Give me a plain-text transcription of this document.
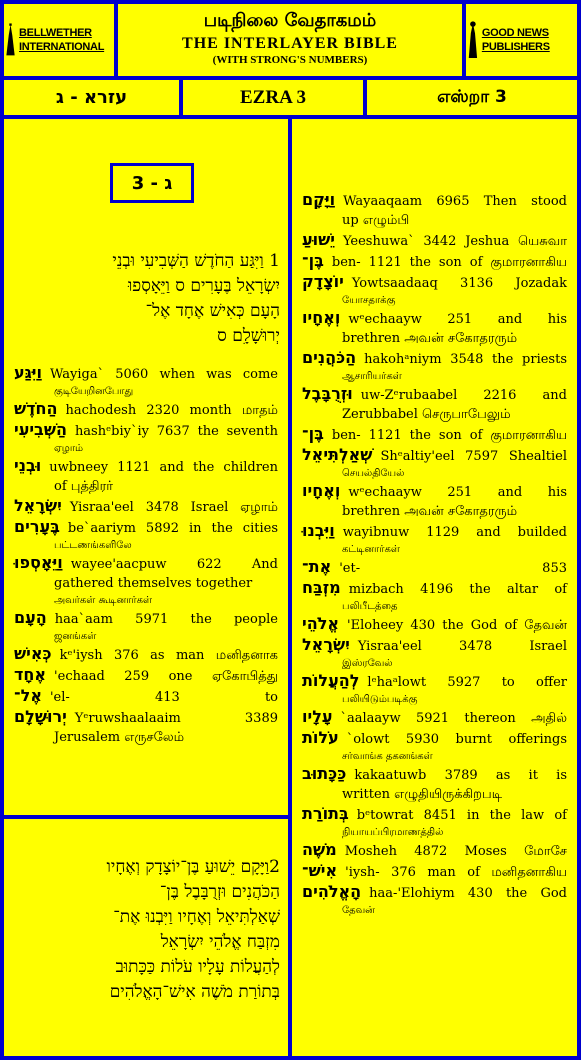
BELLWETHER INTERNATIONAL
படிநிலை வேதாகமம்
THE INTERLAYER BIBLE
(WITH STRONG'S NUMBERS)
GOOD NEWS PUBLISHERS
עזרא - ג	EZRA 3	எஸ்றா 3
ג - 3
1 וַיִּגַּע הַחֹדֶשׁ הַשְּׁבִיעִי וּבְנֵי
יִשְׂרָאֵל בֶּעָרִים ס וַיֵּאָסְפוּ
הָעָם כְּאִישׁ אֶחָד אֶל־
יְרוּשָׁלִָם ס
וַיִּגַּע Wayiga` 5060 when was come
குடியேறினபோது
הַחֹדֶשׁ hachodesh 2320 month மாதம்
הַשְּׁבִיעִי hashᵉbiy`iy 7637 the seventh
ஏழாம்
וּבְנֵי uwbneey 1121 and the children
of புத்திரர்
יִשְׂרָאֵל Yisraa'eel 3478 Israel ஏழாம்
בֶּעָרִים be`aariym 5892 in the cities
பட்டணங்களிலே
וַיֵּאָסְפוּ wayee'aacpuw 622 And
gathered themselves together
அவர்கள் கூடினார்கள்
הָעָם haa`aam 5971 the people
ஜனங்கள்
כְּאִישׁ kᵉ'iysh 376 as man மனிதனாக
אֶחָד 'echaad 259 one ஏகோபித்து
אֶל־ 'el- 413 to
יְרוּשָׁלִָם Yᵉruwshaalaaim 3389
Jerusalem எருசலேம்
2וַיָּקָם יֵשׁוּעַ בֶּן־יוֹצָדָק וְאֶחָיו
הַכֹּהֲנִים וּזְרֻבָּבֶל בֶּן־
שְׁאַלְתִּיאֵל וְאֶחָיו וַיִּבְנוּ אֶת־
מִזְבַּח אֱלֹהֵי יִשְׂרָאֵל
לְהַעֲלוֹת עָלָיו עֹלוֹת כַּכָּתוּב
בְּתוֹרַת מֹשֶׁה אִישׁ־הָאֱלֹהִים
וַיָּקָם Wayaaqaam 6965 Then stood
up எழும்பி
יֵשׁוּעַ Yeeshuwa` 3442 Jeshua யெசுவா
בֶּן־ ben- 1121 the son of குமாரனாகிய
יוֹצָדָק Yowtsaadaaq 3136 Jozadak
யோசதாக்கு
וְאֶחָיו wᵉechaayw 251 and his
brethren அவன் சகோதரரும்
הַכֹּהֲנִים hakohᵃniym 3548 the priests
ஆசாரியர்கள்
וּזְרֻבָּבֶל uw-Zᵉrubaabel 2216 and
Zerubbabel செருபாபேலும்
בֶּן־ ben- 1121 the son of குமாரனாகிய
שְׁאַלְתִּיאֵל Shᵉaltiy'eel 7597 Shealtiel
செயல்தியேல்
וְאֶחָיו wᵉechaayw 251 and his
brethren அவன் சகோதரரும்
וַיִּבְנוּ wayibnuw 1129 and builded
கட்டினார்கள்
אֶת־ 'et- 853
מִזְבַּח mizbach 4196 the altar of
பலிபீடத்தை
אֱלֹהֵי 'Eloheey 430 the God of தேவன்
יִשְׂרָאֵל Yisraa'eel 3478 Israel
இஸ்ரவேல்
לְהַעֲלוֹת lᵉhaᵃlowt 5927 to offer
பலியிடும்படிக்கு
עָלָיו `aalaayw 5921 thereon அதில்
עֹלוֹת `olowt 5930 burnt offerings
சர்வாங்க தகனங்கள்
כַּכָּתוּב kakaatuwb 3789 as it is
written எழுதியிருக்கிறபடி
בְּתוֹרַת bᵉtowrat 8451 in the law of
நியாயப்பிரமாணத்தில்
מֹשֶׁה Mosheh 4872 Moses மோசே
אִישׁ־ 'iysh- 376 man of மனிதனாகிய
הָאֱלֹהִים haa-'Elohiym 430 the God
தேவன்
